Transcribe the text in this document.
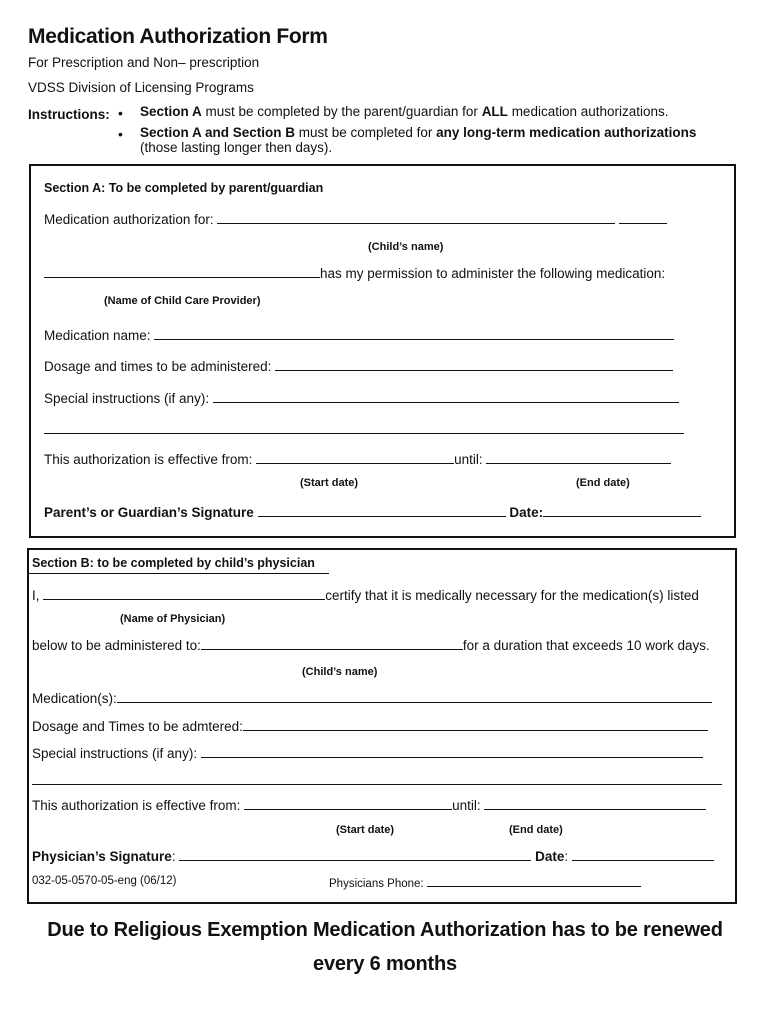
Medication Authorization Form
For Prescription and Non– prescription
VDSS Division of Licensing Programs
Instructions: • Section A must be completed by the parent/guardian for ALL medication authorizations.
• Section A and Section B must be completed for any long-term medication authorizations
(those lasting longer then days).
Section A: To be completed by parent/guardian
Medication authorization for:
(Child’s name)
has my permission to administer the following medication:
(Name of Child Care Provider)
Medication name:
Dosage and times to be administered:
Special instructions (if any):
This authorization is effective from:	until:
(Start date)	(End date)
Parent’s or Guardian’s Signature	Date:
Section B: to be completed by child’s physician
I,	certify that it is medically necessary for the medication(s) listed
(Name of Physician)
below to be administered to:	for a duration that exceeds 10 work days.
(Child’s name)
Medication(s):
Dosage and Times to be admtered:
Special instructions (if any):
This authorization is effective from:	until:
(Start date)	(End date)
Physician’s Signature:	Date:
032-05-0570-05-eng (06/12)	Physicians Phone:
Due to Religious Exemption Medication Authorization has to be renewed
every 6 months
